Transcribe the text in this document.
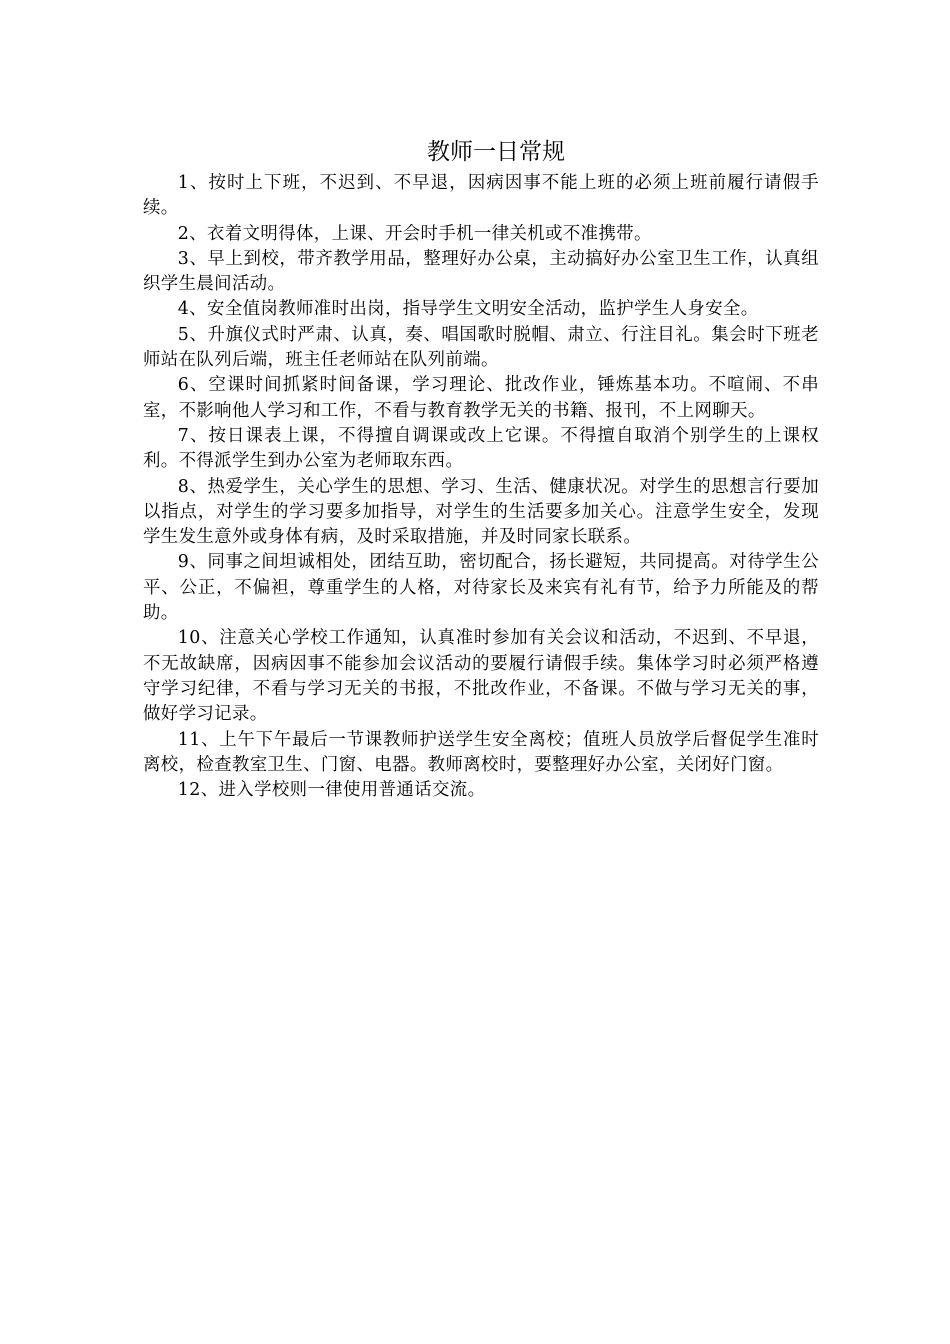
教师一日常规

1、按时上下班，不迟到、不早退，因病因事不能上班的必须上班前履行请假手续。

2、衣着文明得体，上课、开会时手机一律关机或不准携带。

3、早上到校，带齐教学用品，整理好办公桌，主动搞好办公室卫生工作，认真组织学生晨间活动。

4、安全值岗教师准时出岗，指导学生文明安全活动，监护学生人身安全。

5、升旗仪式时严肃、认真，奏、唱国歌时脱帽、肃立、行注目礼。集会时下班老师站在队列后端，班主任老师站在队列前端。

6、空课时间抓紧时间备课，学习理论、批改作业，锤炼基本功。不喧闹、不串室，不影响他人学习和工作，不看与教育教学无关的书籍、报刊，不上网聊天。

7、按日课表上课，不得擅自调课或改上它课。不得擅自取消个别学生的上课权利。不得派学生到办公室为老师取东西。

8、热爱学生，关心学生的思想、学习、生活、健康状况。对学生的思想言行要加以指点，对学生的学习要多加指导，对学生的生活要多加关心。注意学生安全，发现学生发生意外或身体有病，及时采取措施，并及时同家长联系。

9、同事之间坦诚相处，团结互助，密切配合，扬长避短，共同提高。对待学生公平、公正，不偏袒，尊重学生的人格，对待家长及来宾有礼有节，给予力所能及的帮助。

10、注意关心学校工作通知，认真准时参加有关会议和活动，不迟到、不早退，不无故缺席，因病因事不能参加会议活动的要履行请假手续。集体学习时必须严格遵守学习纪律，不看与学习无关的书报，不批改作业，不备课。不做与学习无关的事，做好学习记录。

11、上午下午最后一节课教师护送学生安全离校；值班人员放学后督促学生准时离校，检查教室卫生、门窗、电器。教师离校时，要整理好办公室，关闭好门窗。

12、进入学校则一律使用普通话交流。
